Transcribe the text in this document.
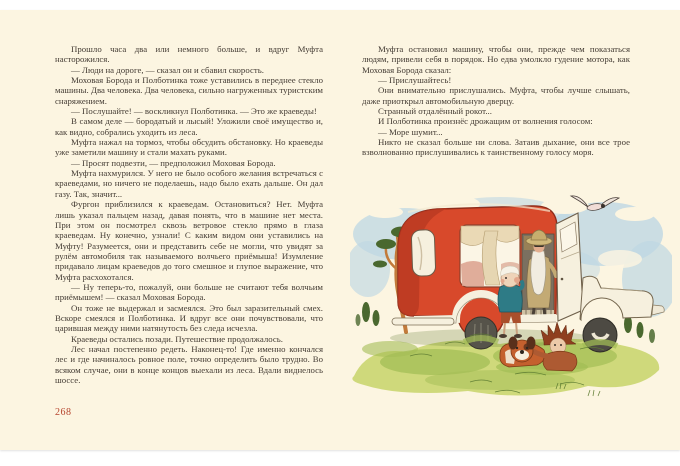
Прошло часа два или немного больше, и вдруг Муфта насторожился.

— Люди на дороге, — сказал он и сбавил скорость.

Моховая Борода и Полботинка тоже уставились в переднее стекло машины. Два человека. Два человека, сильно нагруженных туристским снаряжением.

— Послушайте! — воскликнул Полботинка. — Это же краеведы!

В самом деле — бородатый и лысый! Уложили своё имущество и, как видно, собрались уходить из леса.

Муфта нажал на тормоз, чтобы обсудить обстановку. Но краеведы уже заметили машину и стали махать руками.

— Просят подвезти, — предположил Моховая Борода.

Муфта нахмурился. У него не было особого желания встречаться с краеведами, но ничего не поделаешь, надо было ехать дальше. Он дал газу. Так, значит...

Фургон приблизился к краеведам. Остановиться? Нет. Муфта лишь указал пальцем назад, давая понять, что в машине нет места. При этом он посмотрел сквозь ветровое стекло прямо в глаза краеведам. Ну конечно, узнали! С каким видом они уставились на Муфту! Разумеется, они и представить себе не могли, что увидят за рулём автомобиля так называемого волчьего приёмыша! Изумление придавало лицам краеведов до того смешное и глупое выражение, что Муфта расхохотался.

— Ну теперь-то, пожалуй, они больше не считают тебя волчьим приёмышем! — сказал Моховая Борода.

Он тоже не выдержал и засмеялся. Это был заразительный смех. Вскоре смеялся и Полботинка. И вдруг все они почувствовали, что царившая между ними натянутость без следа исчезла.

Краеведы остались позади. Путешествие продолжалось.

Лес начал постепенно редеть. Наконец-то! Где именно кончался лес и где начиналось ровное поле, точно определить было трудно. Во всяком случае, они в конце концов выехали из леса. Вдали виднелось шоссе.

268

Муфта остановил машину, чтобы они, прежде чем показаться людям, привели себя в порядок. Но едва умолкло гудение мотора, как Моховая Борода сказал:

— Прислушайтесь!

Они внимательно прислушались. Муфта, чтобы лучше слышать, даже приоткрыл автомобильную дверцу.

Странный отдалённый рокот...

И Полботинка произнёс дрожащим от волнения голосом:

— Море шумит...

Никто не сказал больше ни слова. Затаив дыхание, они все трое взволнованно прислушивались к таинственному голосу моря.
